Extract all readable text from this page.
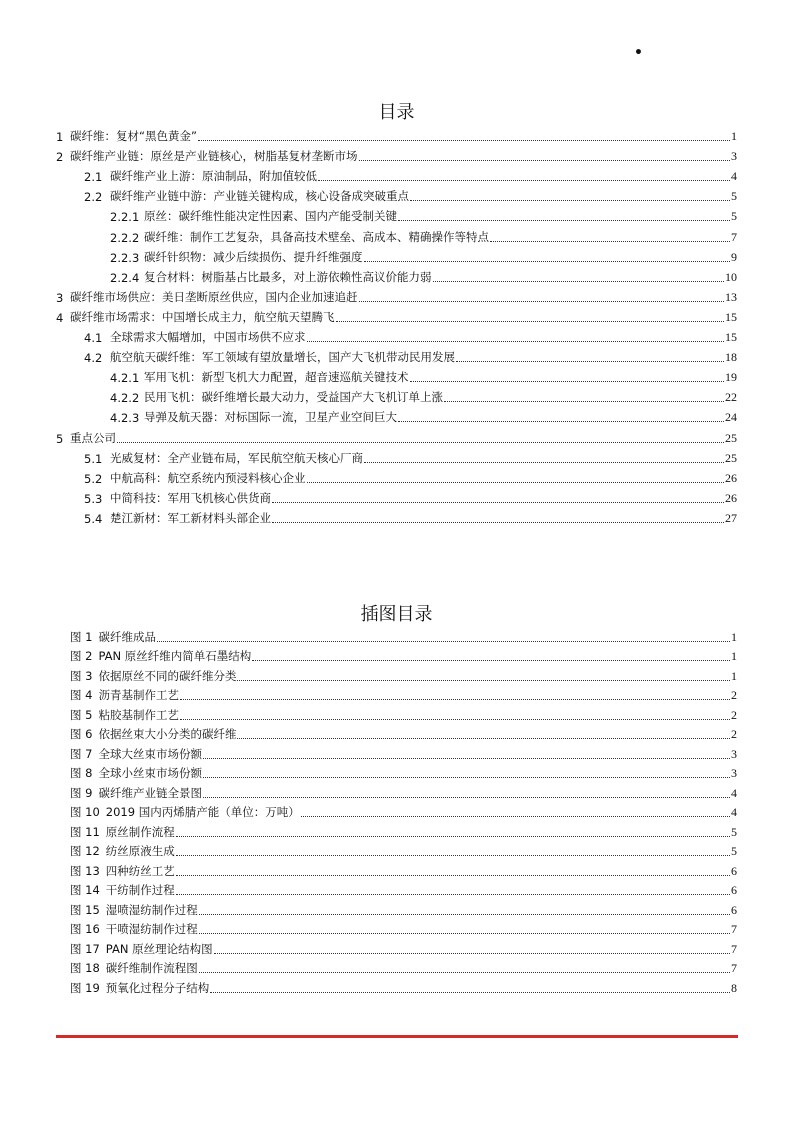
•
目录
1 碳纤维：复材“黑色黄金”	1
2 碳纤维产业链：原丝是产业链核心，树脂基复材垄断市场	3
2.1 碳纤维产业上游：原油制品，附加值较低	4
2.2 碳纤维产业链中游：产业链关键构成，核心设备成突破重点	5
2.2.1 原丝：碳纤维性能决定性因素、国内产能受制关键	5
2.2.2 碳纤维：制作工艺复杂，具备高技术壁垒、高成本、精确操作等特点	7
2.2.3 碳纤针织物：减少后续损伤、提升纤维强度	9
2.2.4 复合材料：树脂基占比最多，对上游依赖性高议价能力弱	10
3 碳纤维市场供应：美日垄断原丝供应，国内企业加速追赶	13
4 碳纤维市场需求：中国增长成主力，航空航天望腾飞	15
4.1 全球需求大幅增加，中国市场供不应求	15
4.2 航空航天碳纤维：军工领域有望放量增长，国产大飞机带动民用发展	18
4.2.1 军用飞机：新型飞机大力配置，超音速巡航关键技术	19
4.2.2 民用飞机：碳纤维增长最大动力，受益国产大飞机订单上涨	22
4.2.3 导弹及航天器：对标国际一流，卫星产业空间巨大	24
5 重点公司	25
5.1 光威复材：全产业链布局，军民航空航天核心厂商	25
5.2 中航高科：航空系统内预浸料核心企业	26
5.3 中简科技：军用飞机核心供货商	26
5.4 楚江新材：军工新材料头部企业	27
插图目录
图 1 碳纤维成品	1
图 2 PAN 原丝纤维内简单石墨结构	1
图 3 依据原丝不同的碳纤维分类	1
图 4 沥青基制作工艺	2
图 5 粘胶基制作工艺	2
图 6 依据丝束大小分类的碳纤维	2
图 7 全球大丝束市场份额	3
图 8 全球小丝束市场份额	3
图 9 碳纤维产业链全景图	4
图 10 2019 国内丙烯腈产能（单位：万吨）	4
图 11 原丝制作流程	5
图 12 纺丝原液生成	5
图 13 四种纺丝工艺	6
图 14 干纺制作过程	6
图 15 湿喷湿纺制作过程	6
图 16 干喷湿纺制作过程	7
图 17 PAN 原丝理论结构图	7
图 18 碳纤维制作流程图	7
图 19 预氧化过程分子结构	8
